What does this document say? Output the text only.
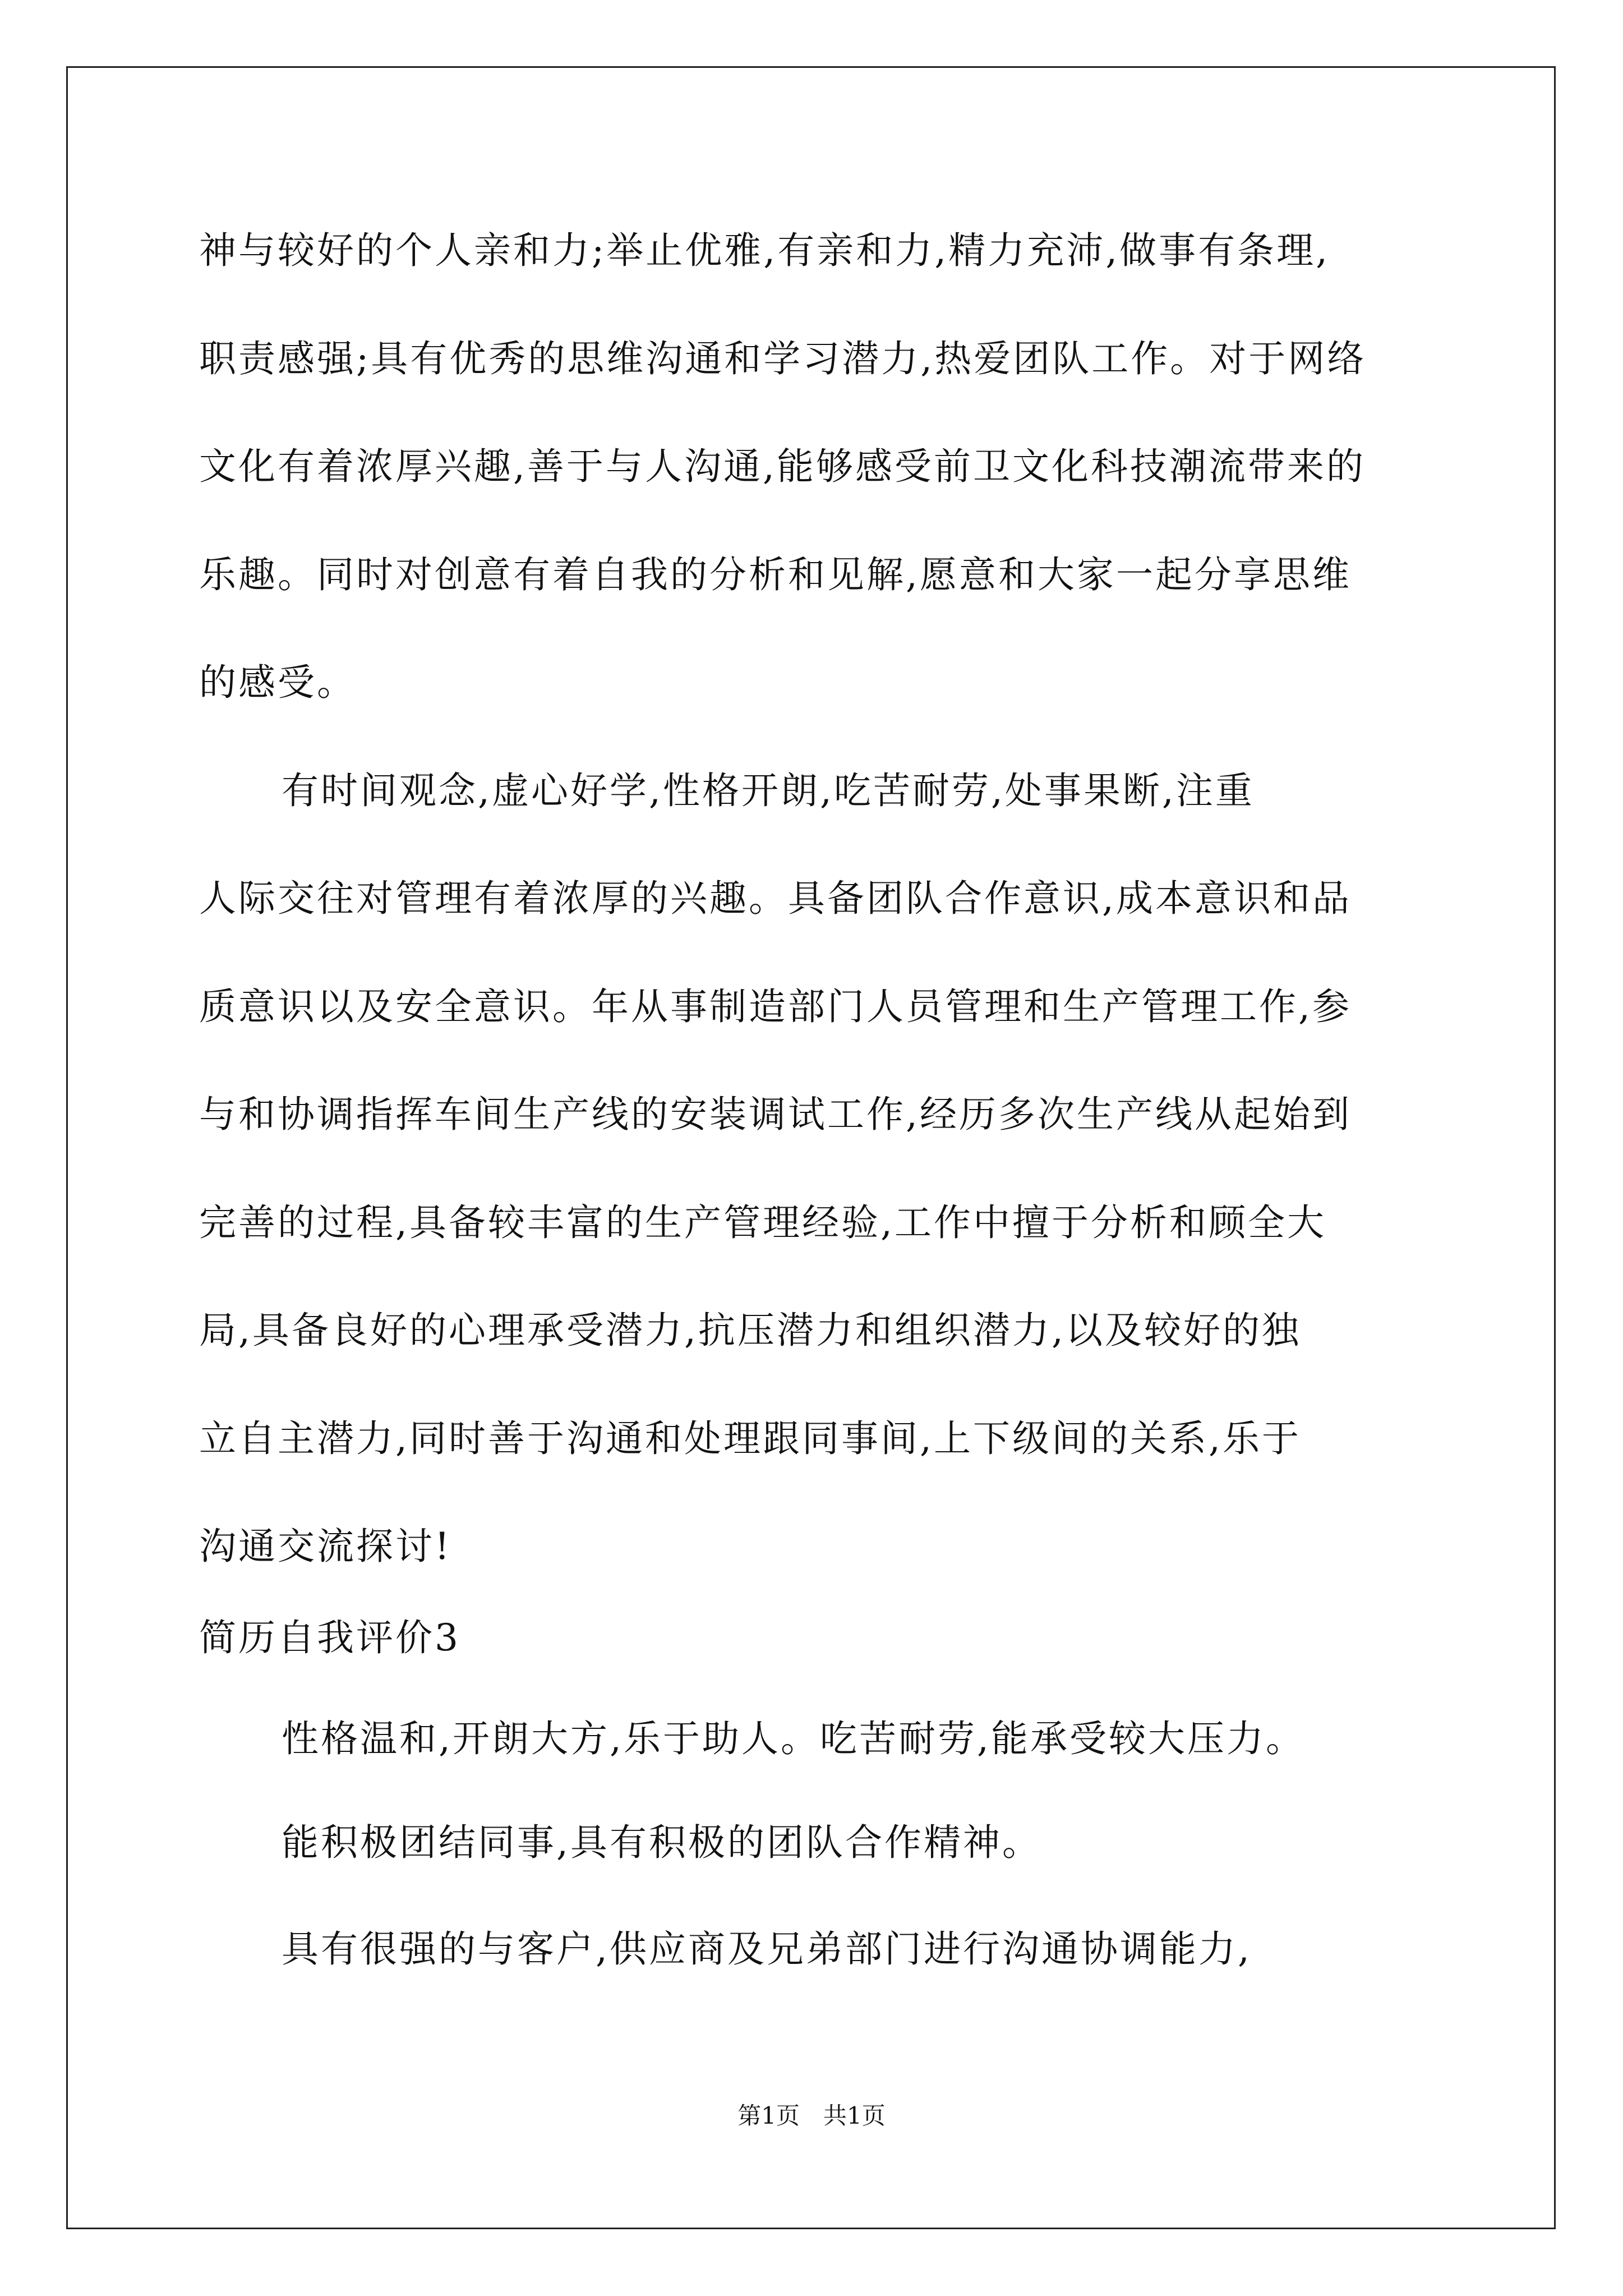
神与较好的个人亲和力;举止优雅,有亲和力,精力充沛,做事有条理,
职责感强;具有优秀的思维沟通和学习潜力,热爱团队工作。对于网络
文化有着浓厚兴趣,善于与人沟通,能够感受前卫文化科技潮流带来的
乐趣。同时对创意有着自我的分析和见解,愿意和大家一起分享思维
的感受。
有时间观念,虚心好学,性格开朗,吃苦耐劳,处事果断,注重
人际交往对管理有着浓厚的兴趣。具备团队合作意识,成本意识和品
质意识以及安全意识。年从事制造部门人员管理和生产管理工作,参
与和协调指挥车间生产线的安装调试工作,经历多次生产线从起始到
完善的过程,具备较丰富的生产管理经验,工作中擅于分析和顾全大
局,具备良好的心理承受潜力,抗压潜力和组织潜力,以及较好的独
立自主潜力,同时善于沟通和处理跟同事间,上下级间的关系,乐于
沟通交流探讨!
简历自我评价3
性格温和,开朗大方,乐于助人。吃苦耐劳,能承受较大压力。
能积极团结同事,具有积极的团队合作精神。
具有很强的与客户,供应商及兄弟部门进行沟通协调能力,
第1页　共1页
